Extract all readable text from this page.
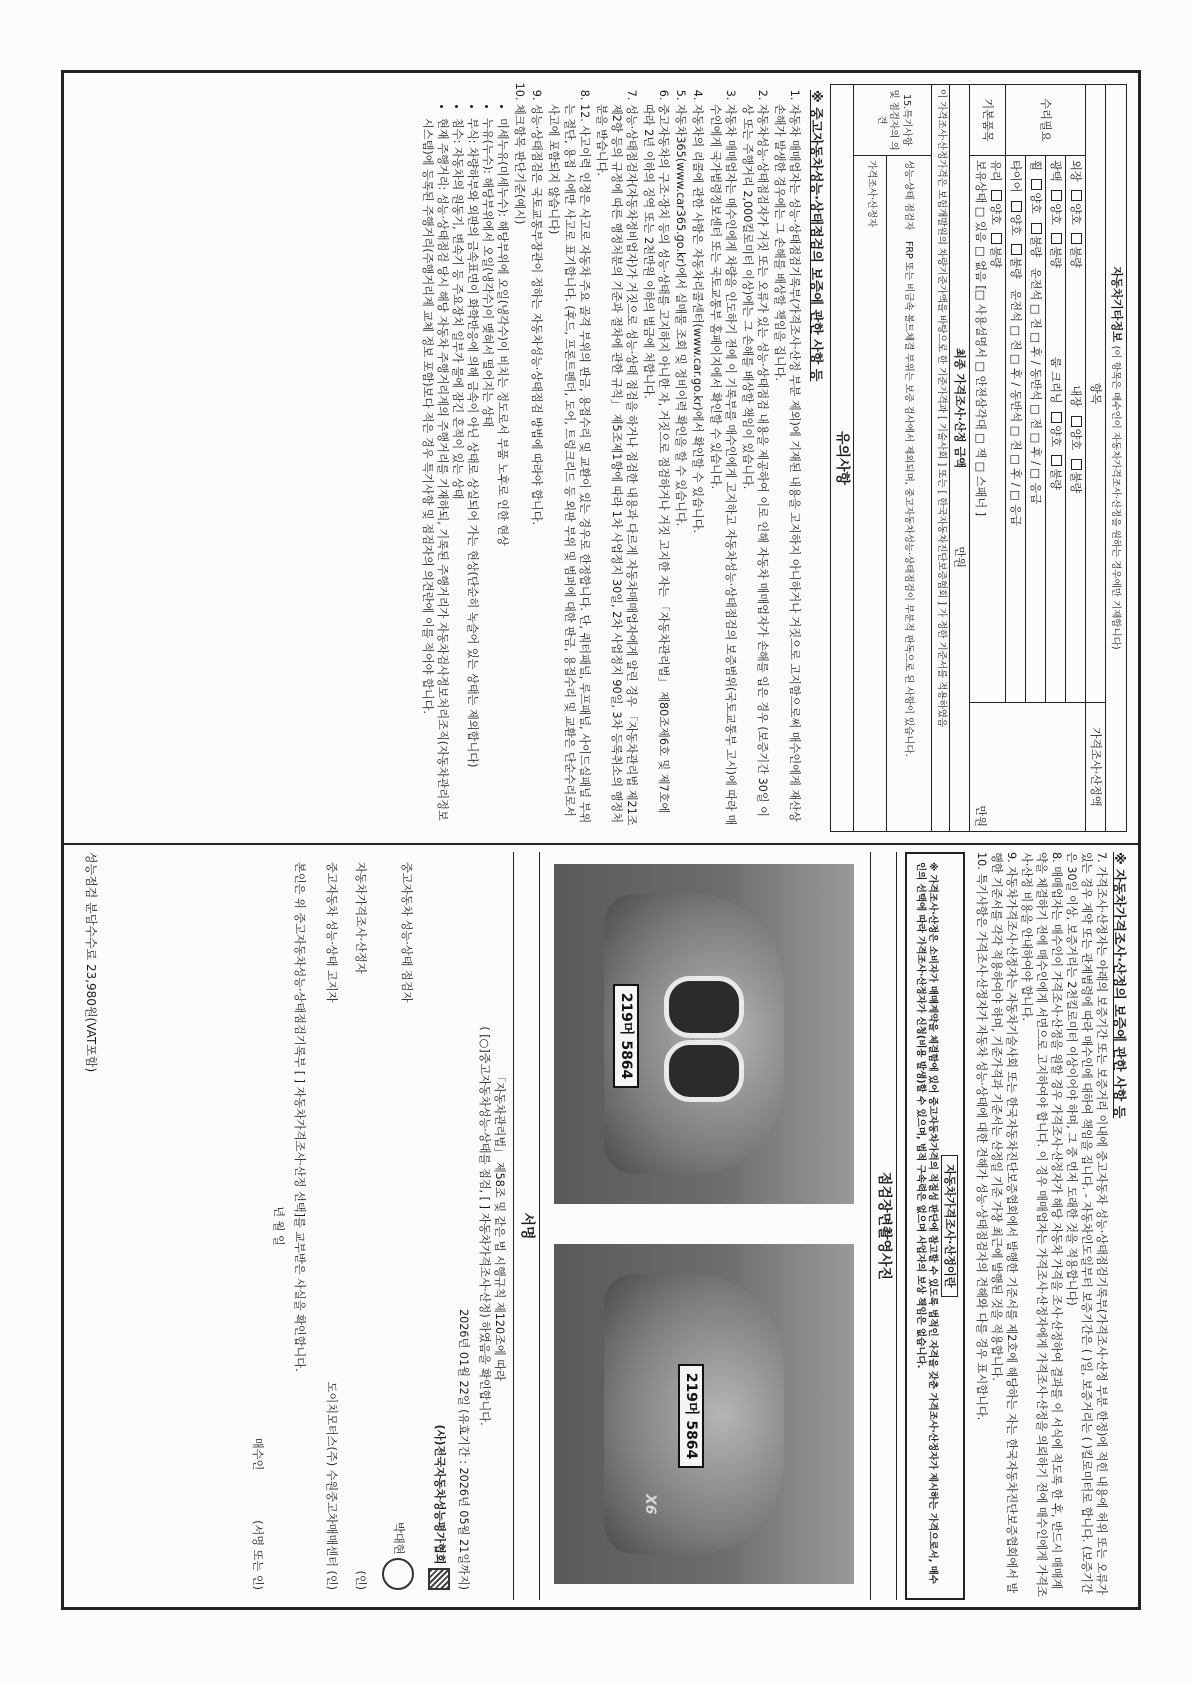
자동차기타정보 (이 항목은 매수인이 자동차가격조사·산정을 원하는 경우에만 기재합니다)		
항목		가격조사·산정액
수리필요	외장 양호 불량                                 내장 양호 불량	만원
	광택 양호 불량                         룸 크리닝 양호 불량	
	휠 양호 불량   운전석 □ 전 □ 후 / 동반석 □ 전 □ 후 / □ 응급	
	타이어 양호 불량   운전석 □ 전 □ 후 / 동반석 □ 전 □ 후 / □ 응급	
기본품목	유리 양호 불량
보유상태 □ 있음 □ 없음 [□ 사용설명서 □ 안전삼각대 □ 잭 □ 스패너 ]	
최종 가격조사·산정 금액                      만원		
이 가격조사·산정가격은 보험개발원의 차량기준가액을 바탕으로 한 기준가격과 [ 기술사회 ] 또는 [ 한국자동차진단보증협회 ] 가 정한 기준서를 적용하였음		
15.특기사항 및 점검자의 의견	성능·상태 점검자   FRP 또는 비금속 볼트체결 부위는 보증 검사에서 제외되며, 중고자동차성능·상태점검이 부분적 판독으로 된 사항이 있습니다.	
	가격조사·산정자	
유의사항		
※ 중고자동차성능·상태점검의 보증에 관한 사항 등
1. 자동차 매매업자는 성능·상태점검기록부(가격조사·산정 부분 제외)에 기재된 내용을 고지하지 아니하거나 거짓으로 고지함으로써 매수인에게 재산상 손해가 발생한 경우에는 그 손해를 배상할 책임을 집니다.
2. 자동차성능·상태점검자가 거짓 또는 오류가 있는 성능·상태점검 내용을 제공하여 이로 인해 자동차 매매업자가 손해를 입은 경우 (보증기간 30일 이상 또는 주행거리 2,000킬로미터 이상)에는 그 손해를 배상할 책임이 있습니다.
3. 자동차 매매업자는 매수인에게 차량을 인도하기 전에 이 기록부를 매수인에게 고지하고 자동차성능·상태점검의 보증범위(국토교통부 고시)에 따라 매수인에게 국가법령정보센터 또는 국토교통부 홈페이지에서 확인할 수 있습니다.
4. 자동차의 리콜에 관한 사항은 자동차리콜센터(www.car.go.kr)에서 확인할 수 있습니다.
5. 자동차365(www.car365.go.kr)에서 실매물 조회 및 정비이력 확인을 할 수 있습니다.
6. 중고자동차의 구조·장치 등의 성능·상태를 고지하지 아니한 자, 거짓으로 점검하거나 거짓 고지한 자는 「자동차관리법」 제80조제6호 및 제7호에 따라 2년 이하의 징역 또는 2천만원 이하의 벌금에 처합니다.
7. 성능·상태점검자(자동차정비업자)가 거짓으로 성능·상태 점검을 하거나 점검한 내용과 다르게 자동차매매업자에게 알린 경우 「자동차관리법 제21조제2항 등의 규정에 따른 행정처분의 기준과 절차에 관한 규칙」 제5조제1항에 따라 1차 사업정지 30일, 2차 사업정지 90일, 3차 등록취소의 행정처분을 받습니다.
8. 12. 사고이력 인정은 사고로 자동차 주요 골격 부위의 판금, 용접수리 및 교환이 있는 경우로 한정합니다. 단, 쿼터패널, 루프패널, 사이드실패널 부위는 절단, 용접 시에만 사고로 표기합니다. (후드, 프론트펜더, 도어, 트렁크리드 등 외판 부위 및 범퍼에 대한 판금, 용접수리 및 교환은 단순수리로서 사고에 포함되지 않습니다)
9. 성능·상태점검은 국토교통부장관이 정하는 자동차성능·상태점검 방법에 따라야 합니다.
10. 체크항목 판단기준(예시)
• 미세누유(미세누수): 해당부위에 오일(냉각수)이 비치는 정도로서 부품 노후로 인한 현상
• 누유(누수): 해당부위에서 오일(냉각수)이 맺혀서 떨어지는 상태
• 부식: 차량하부와 외판의 금속표면이 화학반응에 의해 금속이 아닌 상태로 상실되어 가는 현상(단순히 녹슬어 있는 상태는 제외합니다)
• 침수: 자동차의 원동기, 변속기 등 주요장치 일부가 물에 잠긴 흔적이 있는 상태
• 현재 주행거리: 성능·상태점검 당시 해당 자동차 주행거리계의 주행거리를 기재하되, 기록된 주행거리가 자동차검사정보처리조직(자동차관리정보시스템)에 등록된 주행거리(주행거리계 교체 정보 포함)보다 적은 경우 특기사항 및 점검자의 의견란에 이를 적어야 합니다.
※ 자동차가격조사·산정의 보증에 관한 사항 등
7. 가격조사·산정자는 아래의 보증기간 또는 보증거리 이내에 중고자동차 성능·상태점검기록부(가격조사·산정 부분 한정)에 적힌 내용에 허위 또는 오류가 있는 경우 계약 또는 관계법령에 따라 매수인에 대하여 책임을 집니다. - 자동차인도일부터 보증기간은 ( )일, 보증거리는 ( )킬로미터로 합니다. (보증기간은 30일 이상, 보증거리는 2천킬로미터 이상이어야 하며, 그 중 먼저 도래한 것을 적용합니다)
8. 매매업자는 매수인이 가격조사·산정을 원할 경우 가격조사·산정자가 해당 자동차 가격을 조사·산정하여 결과를 이 서식에 적도록 한 후, 반드시 매매계약을 체결하기 전에 매수인에게 서면으로 고지하여야 합니다. 이 경우 매매업자는 가격조사·산정자에게 가격조사·산정을 의뢰하기 전에 매수인에게 가격조사·산정 비용을 안내하여야 합니다.
9. 자동차가격조사·산정자는 자동차기술사회 또는 한국자동차진단보증협회에서 발행한 기준서를 제2호에 해당하는 자는 한국자동차진단보증협회에서 발행한 기준서를 각각 적용하여야 하며, 기준가격과 기준서는 산정일 기준 가장 최근에 발행된 것을 적용합니다.
10. 특기사항은 가격조사·산정자가 자동차 성능·상태에 대한 견해가 성능·상태점검자의 견해와 다를 경우 표시합니다.
자동차가격조사·산정이란
※ 가격조사·산정은 소비자가 매매계약을 체결함에 있어 중고자동차가격의 적절성 판단에 참고할 수 있도록 법적인 자격을 갖춘 가격조사·산정자가 제시하는 가격으로서, 매수인의 선택에 따라 가격조사·산정자가 신청(비용 발생)할 수 있으며, 법적 구속력은 없으며 사업자의 보상 책임은 없습니다.
점검장면촬영사진
219머 5864
219머 5864
X6
서명
「자동차관리법」 제58조 및 같은 법 시행규칙 제120조에 따라
( [○]중고자동차성능·상태를 점검, [ ] 자동차가격조사·산정) 하였음을 확인합니다.
2026년 01월 22일 (유효기간 : 2026년 05월 21일까지)
(사)전국자동차성능평가협회
중고자동차 성능·상태 점검자
박대현
자동차가격조사·산정자
(인)
중고자동차 성능·상태 고지자
도이치모터스(주) 수원중고차매매센터 (인)
본인은 위 중고자동차성능·상태점검기록부 [ ] 자동차가격조사·산정 선택]를 교부받은 사실을 확인합니다.
년 월 일
매수인              (서명 또는 인)
성능점검 분담수수료 23,980원(VAT포함)
